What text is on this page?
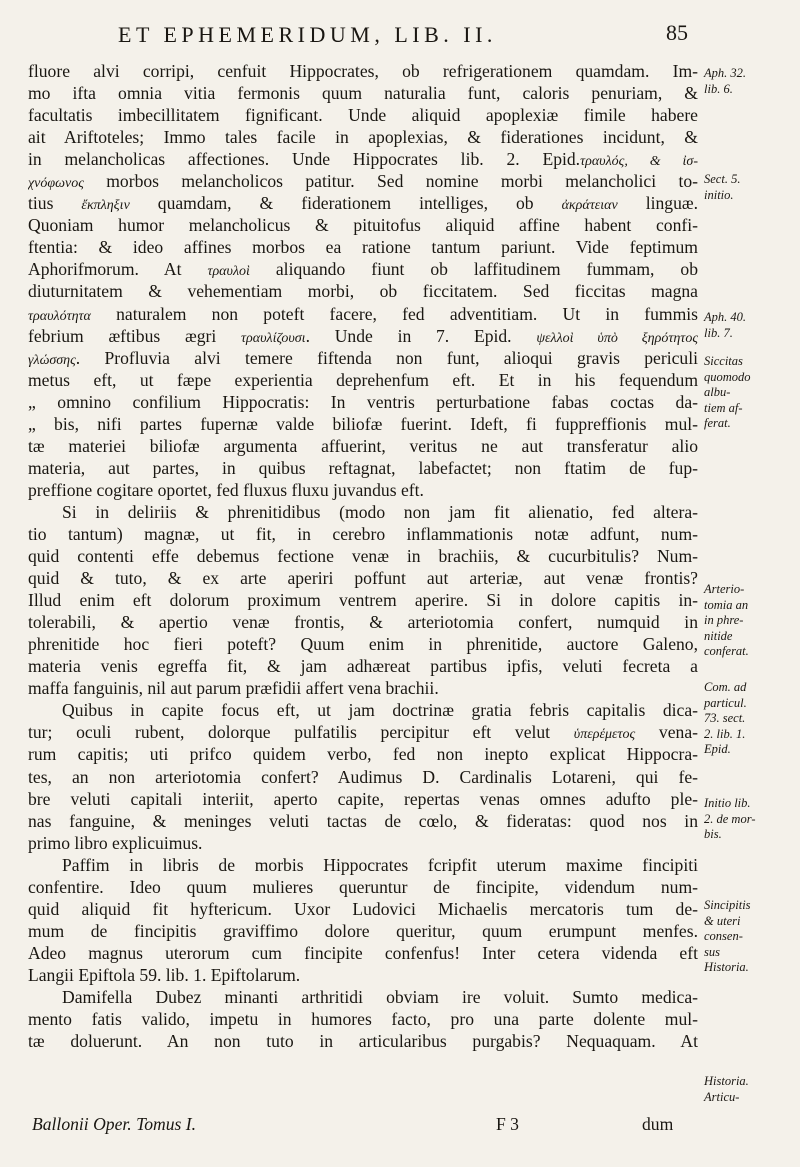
ET EPHEMERIDUM, LIB. II.	85
fluore alvi corripi, cenfuit Hippocrates, ob refrigerationem quamdam. Im-
mo ifta omnia vitia fermonis quum naturalia funt, caloris penuriam, &
facultatis imbecillitatem fignificant. Unde aliquid apoplexiæ fimile habere
ait Ariftoteles; Immo tales facile in apoplexias, & fiderationes incidunt, &
in melancholicas affectiones. Unde Hippocrates lib. 2. Epid.τραυλός, & ἰσ-
χνόφωνος morbos melancholicos patitur. Sed nomine morbi melancholici to-
tius ἔκπληξιν quamdam, & fiderationem intelliges, ob ἀκράτειαν linguæ.
Quoniam humor melancholicus & pituitofus aliquid affine habent confi-
ftentia: & ideo affines morbos ea ratione tantum pariunt. Vide feptimum
Aphorifmorum. At τραυλοὶ aliquando fiunt ob laffitudinem fummam, ob
diuturnitatem & vehementiam morbi, ob ficcitatem. Sed ficcitas magna
τραυλότητα naturalem non poteft facere, fed adventitiam. Ut in fummis
febrium æftibus ægri τραυλίζουσι. Unde in 7. Epid. ψελλοὶ ὑπὸ ξηρότητος
γλώσσης. Profluvia alvi temere fiftenda non funt, alioqui gravis periculi
metus eft, ut fæpe experientia deprehenfum eft. Et in his fequendum
„ omnino confilium Hippocratis: In ventris perturbatione fabas coctas da-
„ bis, nifi partes fupernæ valde biliofæ fuerint. Ideft, fi fuppreffionis mul-
tæ materiei biliofæ argumenta affuerint, veritus ne aut transferatur alio
materia, aut partes, in quibus reftagnat, labefactet; non ftatim de fup-
preffione cogitare oportet, fed fluxus fluxu juvandus eft.
Si in deliriis & phrenitidibus (modo non jam fit alienatio, fed altera-
tio tantum) magnæ, ut fit, in cerebro inflammationis notæ adfunt, num-
quid contenti effe debemus fectione venæ in brachiis, & cucurbitulis? Num-
quid & tuto, & ex arte aperiri poffunt aut arteriæ, aut venæ frontis?
Illud enim eft dolorum proximum ventrem aperire. Si in dolore capitis in-
tolerabili, & apertio venæ frontis, & arteriotomia confert, numquid in
phrenitide hoc fieri poteft? Quum enim in phrenitide, auctore Galeno,
materia venis egreffa fit, & jam adhæreat partibus ipfis, veluti fecreta a
maffa fanguinis, nil aut parum præfidii affert vena brachii.
Quibus in capite focus eft, ut jam doctrinæ gratia febris capitalis dica-
tur; oculi rubent, dolorque pulfatilis percipitur eft velut ὑπερέμετος vena-
rum capitis; uti prifco quidem verbo, fed non inepto explicat Hippocra-
tes, an non arteriotomia confert? Audimus D. Cardinalis Lotareni, qui fe-
bre veluti capitali interiit, aperto capite, repertas venas omnes adufto ple-
nas fanguine, & meninges veluti tactas de cœlo, & fideratas: quod nos in
primo libro explicuimus.
Paffim in libris de morbis Hippocrates fcripfit uterum maxime fincipiti
confentire. Ideo quum mulieres queruntur de fincipite, videndum num-
quid aliquid fit hyftericum. Uxor Ludovici Michaelis mercatoris tum de-
mum de fincipitis graviffimo dolore queritur, quum erumpunt menfes.
Adeo magnus uterorum cum fincipite confenfus! Inter cetera videnda eft
Langii Epiftola 59. lib. 1. Epiftolarum.
Damifella Dubez minanti arthritidi obviam ire voluit. Sumto medica-
mento fatis valido, impetu in humores facto, pro una parte dolente mul-
tæ doluerunt. An non tuto in articularibus purgabis? Nequaquam. At
Aph. 32.
lib. 6.
Sect. 5.
initio.
Aph. 40.
lib. 7.
Siccitas
quomodo
albu-
tiem af-
ferat.
Arterio-
tomia an
in phre-
nitide
conferat.
Com. ad
particul.
73. sect.
2. lib. 1.
Epid.
Initio lib.
2. de mor-
bis.
Sincipitis
& uteri
consen-
sus
Historia.
Historia.
Articu-
Ballonii Oper. Tomus I.	F 3	dum
